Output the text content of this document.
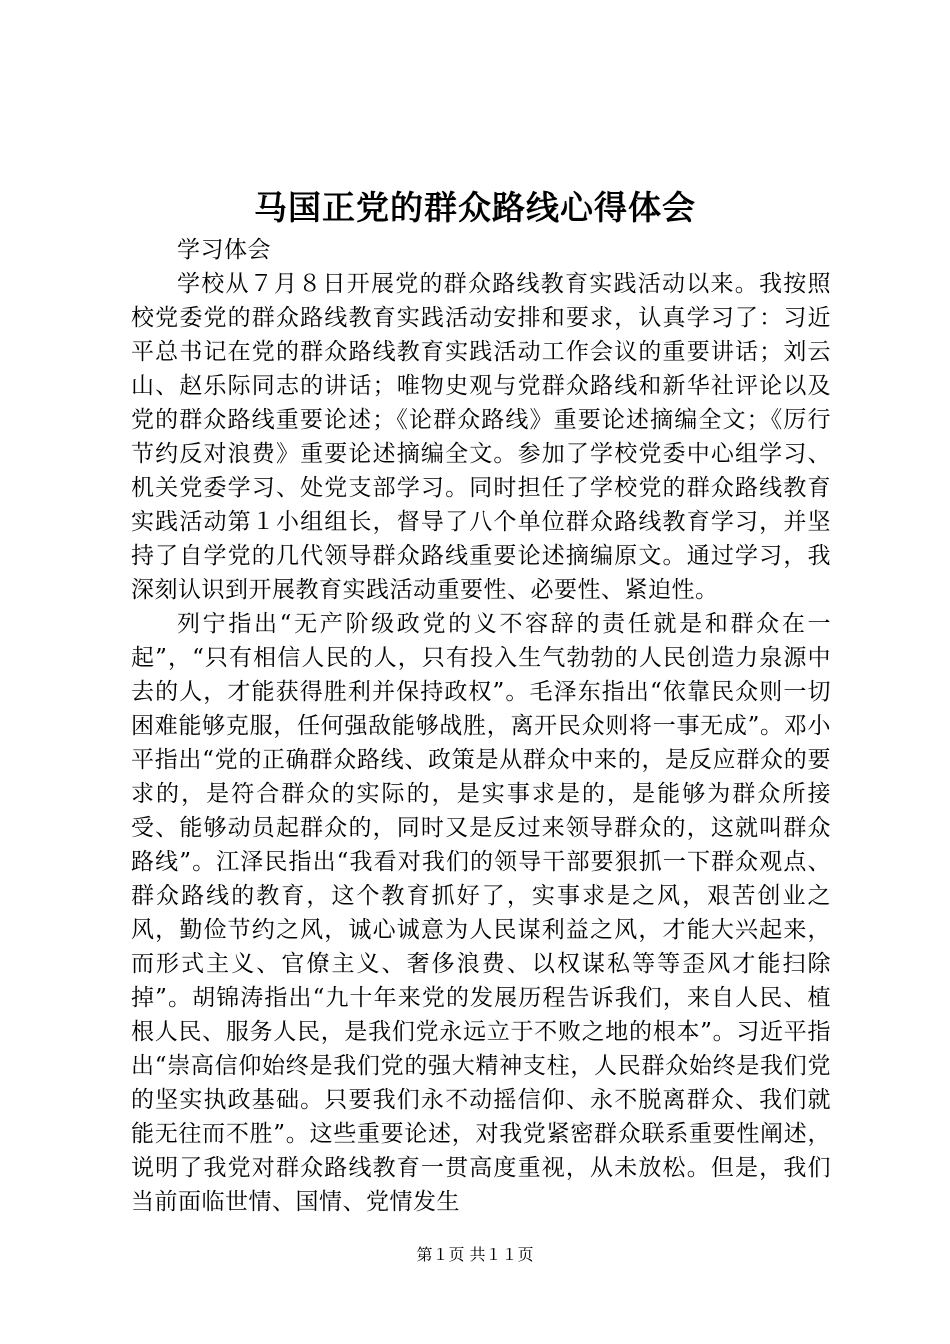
马国正党的群众路线心得体会

学习体会

学校从７月８日开展党的群众路线教育实践活动以来。我按照校党委党的群众路线教育实践活动安排和要求，认真学习了：习近平总书记在党的群众路线教育实践活动工作会议的重要讲话；刘云山、赵乐际同志的讲话；唯物史观与党群众路线和新华社评论以及党的群众路线重要论述；《论群众路线》重要论述摘编全文；《厉行节约反对浪费》重要论述摘编全文。参加了学校党委中心组学习、机关党委学习、处党支部学习。同时担任了学校党的群众路线教育实践活动第１小组组长，督导了八个单位群众路线教育学习，并坚持了自学党的几代领导群众路线重要论述摘编原文。通过学习，我深刻认识到开展教育实践活动重要性、必要性、紧迫性。

列宁指出“无产阶级政党的义不容辞的责任就是和群众在一起”，“只有相信人民的人，只有投入生气勃勃的人民创造力泉源中去的人，才能获得胜利并保持政权”。毛泽东指出“依靠民众则一切困难能够克服，任何强敌能够战胜，离开民众则将一事无成”。邓小平指出“党的正确群众路线、政策是从群众中来的，是反应群众的要求的，是符合群众的实际的，是实事求是的，是能够为群众所接受、能够动员起群众的，同时又是反过来领导群众的，这就叫群众路线”。江泽民指出“我看对我们的领导干部要狠抓一下群众观点、群众路线的教育，这个教育抓好了，实事求是之风，艰苦创业之风，勤俭节约之风，诚心诚意为人民谋利益之风，才能大兴起来，而形式主义、官僚主义、奢侈浪费、以权谋私等等歪风才能扫除掉”。胡锦涛指出“九十年来党的发展历程告诉我们，来自人民、植根人民、服务人民，是我们党永远立于不败之地的根本”。习近平指出“崇高信仰始终是我们党的强大精神支柱，人民群众始终是我们党的坚实执政基础。只要我们永不动摇信仰、永不脱离群众、我们就能无往而不胜”。这些重要论述，对我党紧密群众联系重要性阐述，说明了我党对群众路线教育一贯高度重视，从未放松。但是，我们当前面临世情、国情、党情发生

第１页 共１１页
